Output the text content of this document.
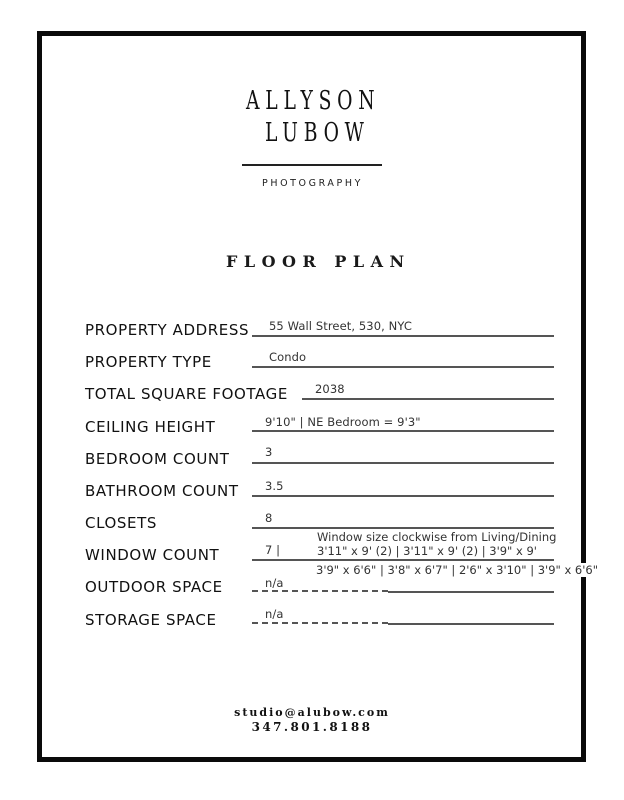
ALLYSON
LUBOW
PHOTOGRAPHY
FLOOR PLAN
PROPERTY ADDRESS 55 Wall Street, 530, NYC
PROPERTY TYPE	Condo
TOTAL SQUARE FOOTAGE 2038
CEILING HEIGHT	9'10" | NE Bedroom = 9'3"
BEDROOM COUNT	3
BATHROOM COUNT 3.5
CLOSETS	8
WINDOW COUNT	7 |
Window size clockwise from Living/Dining
3'11" x 9' (2) | 3'11" x 9' (2) | 3'9" x 9'
3'9" x 6'6" | 3'8" x 6'7" | 2'6" x 3'10" | 3'9" x 6'6"
OUTDOOR SPACE	n/a
STORAGE SPACE	n/a
studio@alubow.com
347.801.8188
